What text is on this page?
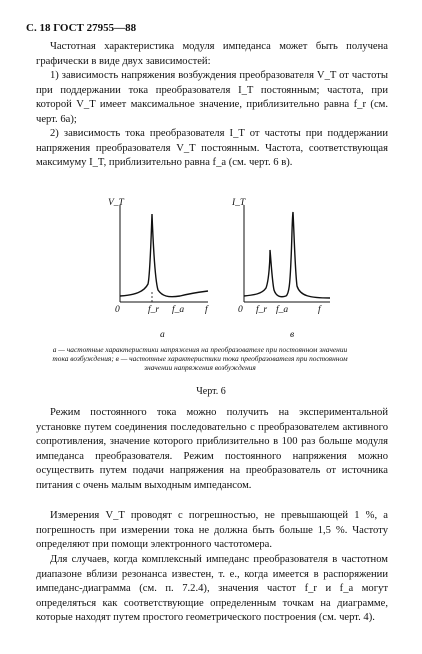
С. 18 ГОСТ 27955—88

Частотная характеристика модуля импеданса может быть получена графически в виде двух зависимостей:

1) зависимость напряжения возбуждения преобразователя V_T от частоты при поддержании тока преобразователя I_T постоянным; частота, при которой V_T имеет максимальное значение, приблизительно равна f_r (см. черт. 6а);

2) зависимость тока преобразователя I_T от частоты при поддержании напряжения преобразователя V_T постоянным. Частота, соответствующая максимуму I_T, приблизительно равна f_a (см. черт. 6 в).

V_T
0	f_r f_a f
а
I_T
0 f_r f_a	f
в
а — частотные характеристики напряжения на преобразователе при постоянном значении тока возбуждения; в — частотные характеристики тока преобразователя при постоянном значении напряжения возбуждения
Черт. 6

Режим постоянного тока можно получить на экспериментальной установке путем соединения последовательно с преобразователем активного сопротивления, значение которого приблизительно в 100 раз больше модуля импеданса преобразователя. Режим постоянного напряжения можно осуществить путем подачи напряжения на преобразователь от источника питания с очень малым выходным импедансом.

Измерения V_T проводят с погрешностью, не превышающей 1 %, а погрешность при измерении тока не должна быть больше 1,5 %. Частоту определяют при помощи электронного частотомера.

Для случаев, когда комплексный импеданс преобразователя в частотном диапазоне вблизи резонанса известен, т. е., когда имеется в распоряжении импеданс-диаграмма (см. п. 7.2.4), значения частот f_r и f_a могут определяться как соответствующие определенным точкам на диаграмме, которые находят путем простого геометрического построения (см. черт. 4).
